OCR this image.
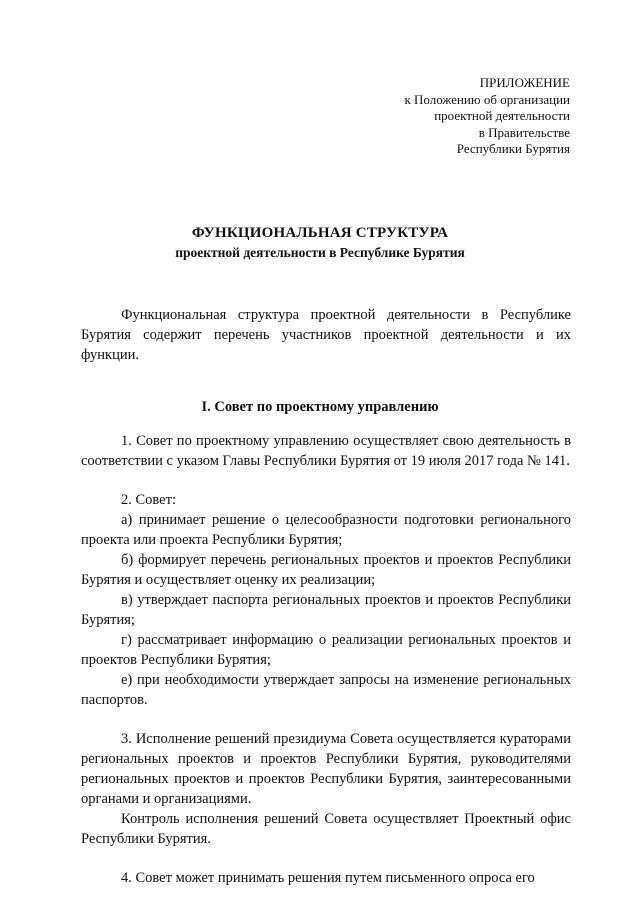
ПРИЛОЖЕНИЕ
к Положению об организации
проектной деятельности
в Правительстве
Республики Бурятия
ФУНКЦИОНАЛЬНАЯ СТРУКТУРА
проектной деятельности в Республике Бурятия

Функциональная структура проектной деятельности в Республике Бурятия содержит перечень участников проектной деятельности и их функции.

I. Совет по проектному управлению

1. Совет по проектному управлению осуществляет свою деятельность в соответствии с указом Главы Республики Бурятия от 19 июля 2017 года № 141.

2. Совет:

а) принимает решение о целесообразности подготовки регионального проекта или проекта Республики Бурятия;

б) формирует перечень региональных проектов и проектов Республики Бурятия и осуществляет оценку их реализации;

в) утверждает паспорта региональных проектов и проектов Республики Бурятия;

г) рассматривает информацию о реализации региональных проектов и проектов Республики Бурятия;

е) при необходимости утверждает запросы на изменение региональных паспортов.

3. Исполнение решений президиума Совета осуществляется кураторами региональных проектов и проектов Республики Бурятия, руководителями региональных проектов и проектов Республики Бурятия, заинтересованными органами и организациями.

Контроль исполнения решений Совета осуществляет Проектный офис Республики Бурятия.

4. Совет может принимать решения путем письменного опроса его
